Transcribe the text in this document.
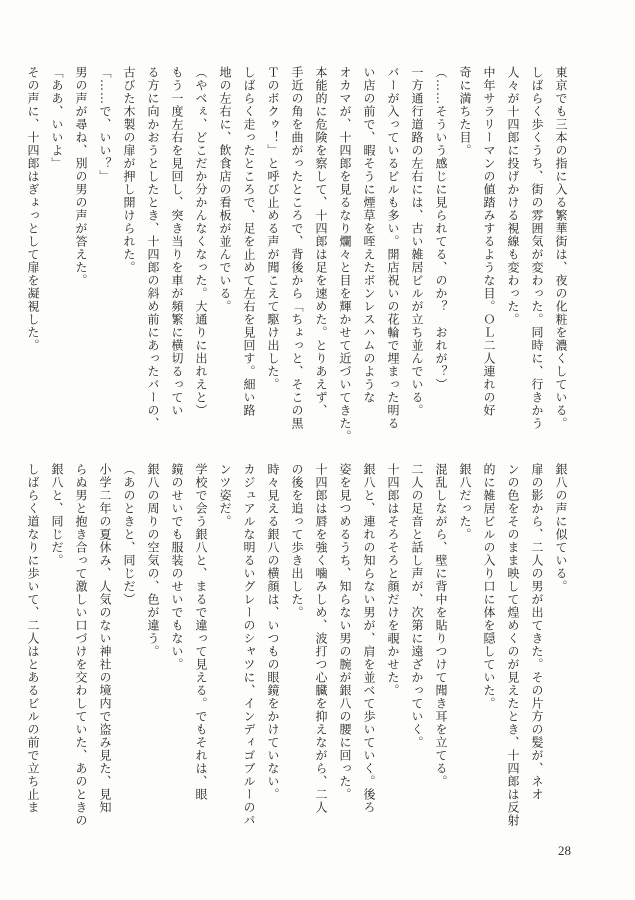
東京でも三本の指に入る繁華街は、夜の化粧を濃くしている。
しばらく歩くうち、街の雰囲気が変わった。同時に、行きかう
人々が十四郎に投げかける視線も変わった。
中年サラリーマンの値踏みするような目。ＯＬ二人連れの好
奇に満ちた目。
（……そういう感じに見られてる、のか？　おれが？）
一方通行道路の左右には、古い雑居ビルが立ち並んでいる。
バーが入っているビルも多い。開店祝いの花輪で埋まった明る
い店の前で、暇そうに煙草を咥えたボンレスハムのような
オカマが、十四郎を見るなり爛々と目を輝かせて近づいてきた。
本能的に危険を察して、十四郎は足を速めた。とりあえず、
手近の角を曲がったところで、背後から「ちょっと、そこの黒
Ｔのボクゥ！」と呼び止める声が聞こえて駆け出した。
しばらく走ったところで、足を止めて左右を見回す。細い路
地の左右に、飲食店の看板が並んでいる。
（やべぇ、どこだか分かんなくなった。大通りに出れえと）
もう一度左右を見回し、突き当りを車が頻繁に横切るってい
る方に向かおうとしたとき、十四郎の斜め前にあったバーの、
古びた木製の扉が押し開けられた。
「……で、いい？」
男の声が尋ね、別の男の声が答えた。
「ああ、いいよ」
その声に、十四郎はぎょっとして扉を凝視した。
銀八の声に似ている。
扉の影から、二人の男が出てきた。その片方の髪が、ネオ
ンの色をそのまま映して煌めくのが見えたとき、十四郎は反射
的に雑居ビルの入り口に体を隠していた。
銀八だった。
混乱しながら、壁に背中を貼りつけて聞き耳を立てる。
二人の足音と話し声が、次第に遠ざかっていく。
十四郎はそろそろと顔だけを覗かせた。
銀八と、連れの知らない男が、肩を並べて歩いていく。後ろ
姿を見つめるうち、知らない男の腕が銀八の腰に回った。
十四郎は唇を強く噛みしめ、波打つ心臓を抑えながら、二人
の後を追って歩き出した。
時々見える銀八の横顔は、いつもの眼鏡をかけていない。
カジュアルな明るいグレーのシャツに、インディゴブルーのパ
ンツ姿だ。
学校で会う銀八と、まるで違って見える。でもそれは、眼
鏡のせいでも服装のせいでもない。
銀八の周りの空気の、色が違う。
（あのときと、同じだ）
小学二年の夏休み、人気のない神社の境内で盗み見た、見知
らぬ男と抱き合って激しい口づけを交わしていた、あのときの
銀八と、同じだ。
しばらく道なりに歩いて、二人はとあるビルの前で立ち止ま
28
